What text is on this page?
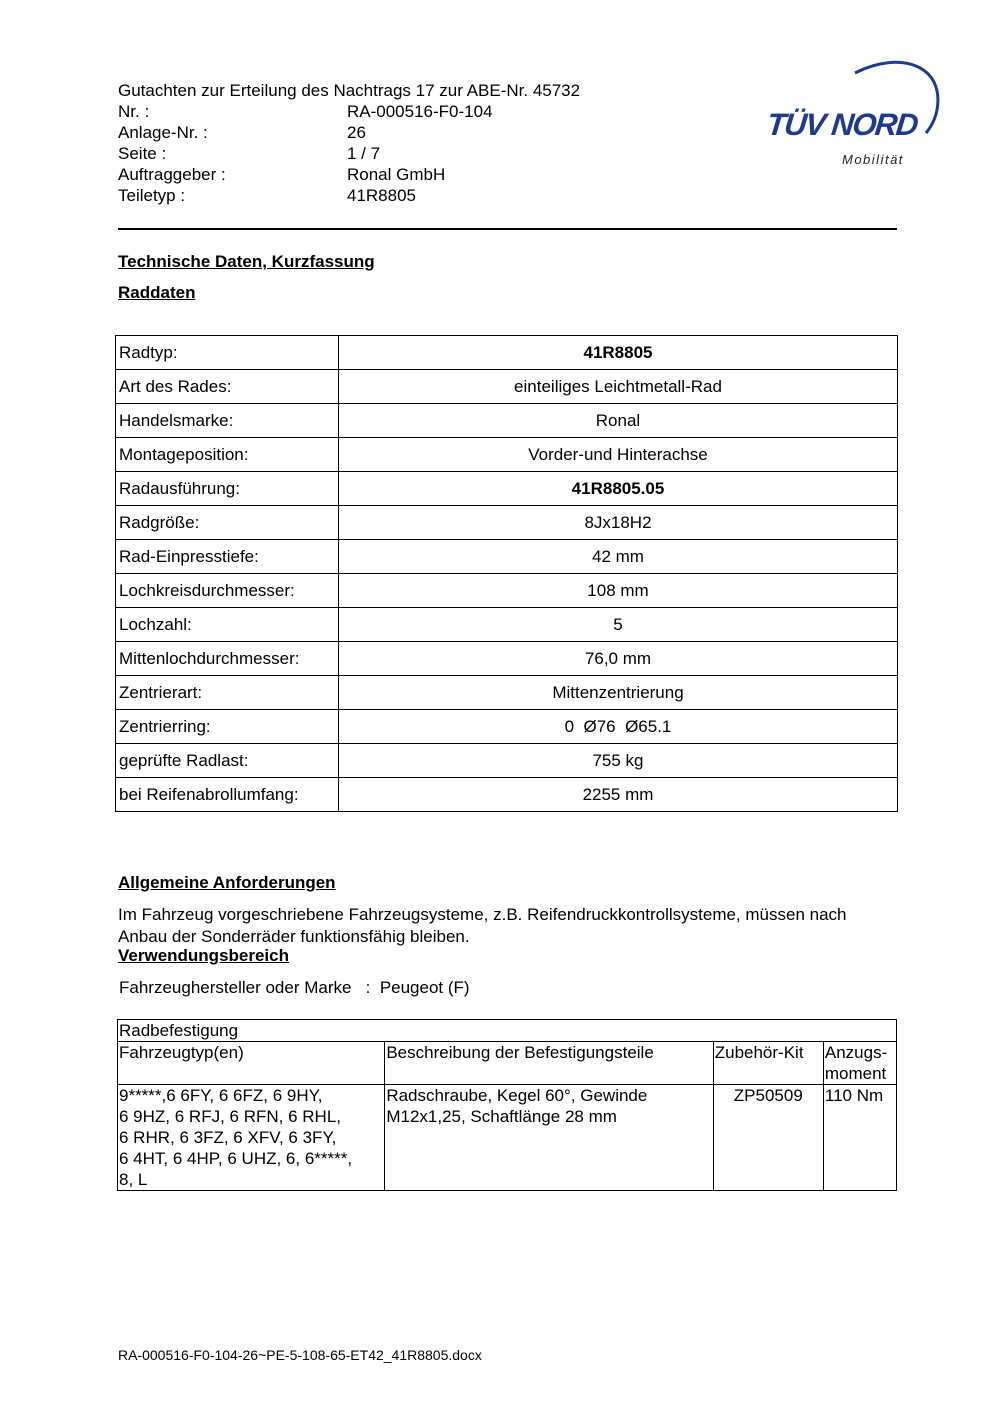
Gutachten zur Erteilung des Nachtrags 17 zur ABE-Nr. 45732
Nr. :	RA-000516-F0-104
Anlage-Nr. :	26
Seite :	1 / 7
Auftraggeber :	Ronal GmbH
Teiletyp :	41R8805
TÜV NORD
Mobilität
Technische Daten, Kurzfassung
Raddaten
Radtyp:	41R8805
Art des Rades:	einteiliges Leichtmetall-Rad
Handelsmarke:	Ronal
Montageposition:	Vorder-und Hinterachse
Radausführung:	41R8805.05
Radgröße:	8Jx18H2
Rad-Einpresstiefe:	42 mm
Lochkreisdurchmesser:	108 mm
Lochzahl:	5
Mittenlochdurchmesser:	76,0 mm
Zentrierart:	Mittenzentrierung
Zentrierring:	0  Ø76  Ø65.1
geprüfte Radlast:	755 kg
bei Reifenabrollumfang:	2255 mm
Allgemeine Anforderungen
Im Fahrzeug vorgeschriebene Fahrzeugsysteme, z.B. Reifendruckkontrollsysteme, müssen nach Anbau der Sonderräder funktionsfähig bleiben.
Verwendungsbereich
Fahrzeughersteller oder Marke : Peugeot (F)
Radbefestigung			
Fahrzeugtyp(en)	Beschreibung der Befestigungsteile	Zubehör-Kit	Anzugs-
moment
9*****,6 6FY, 6 6FZ, 6 9HY,
6 9HZ, 6 RFJ, 6 RFN, 6 RHL,
6 RHR, 6 3FZ, 6 XFV, 6 3FY,
6 4HT, 6 4HP, 6 UHZ, 6, 6*****,
8, L	Radschraube, Kegel 60°, Gewinde
M12x1,25, Schaftlänge 28 mm	ZP50509	110 Nm
RA-000516-F0-104-26~PE-5-108-65-ET42_41R8805.docx
